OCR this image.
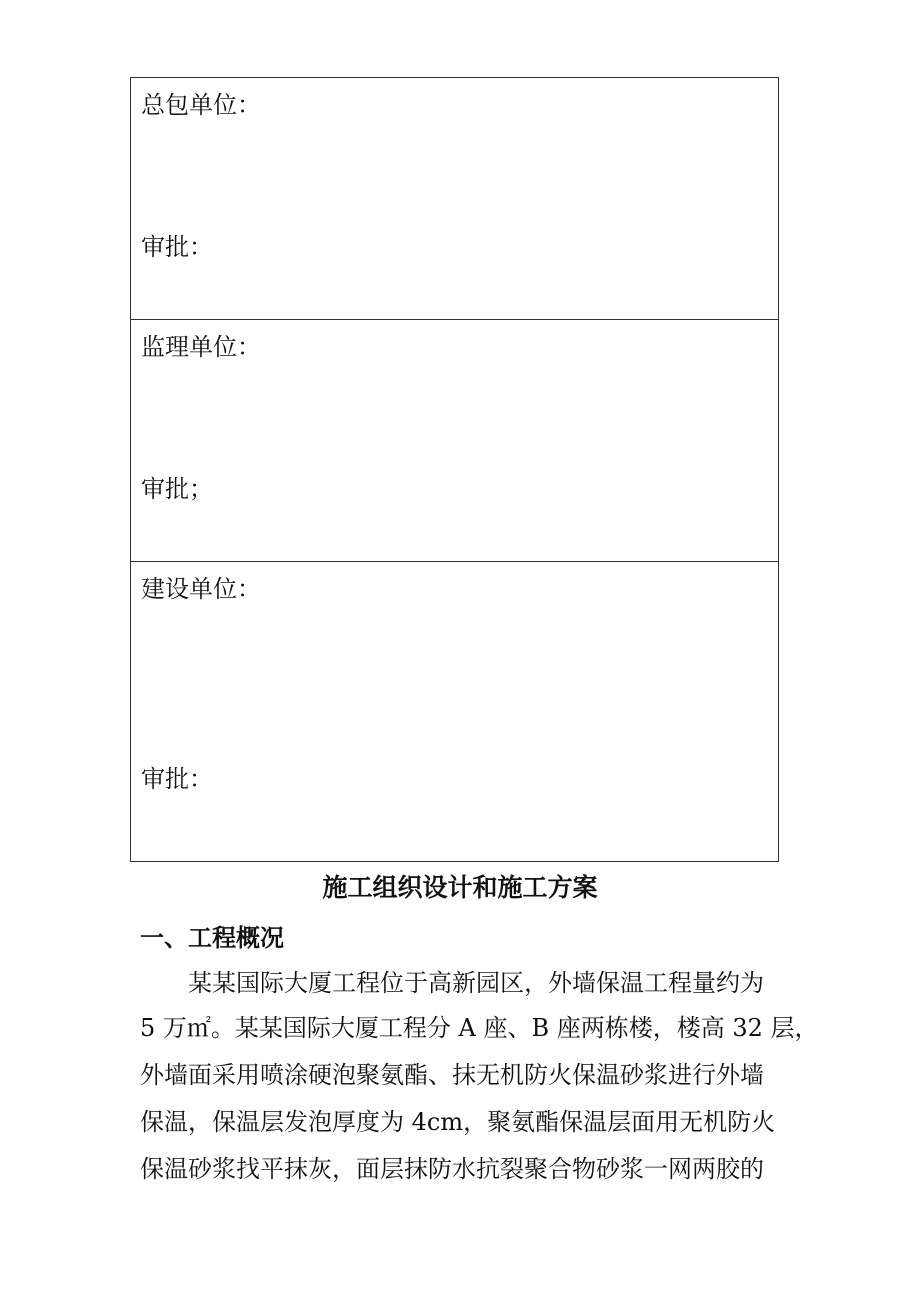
总包单位：
审批：
监理单位：
审批；
建设单位：
审批：
施工组织设计和施工方案
一、工程概况
某某国际大厦工程位于高新园区，外墙保温工程量约为
5 万㎡。某某国际大厦工程分 A 座、B 座两栋楼，楼高 32 层，
外墙面采用喷涂硬泡聚氨酯、抹无机防火保温砂浆进行外墙
保温，保温层发泡厚度为 4cm，聚氨酯保温层面用无机防火
保温砂浆找平抹灰，面层抹防水抗裂聚合物砂浆一网两胶的
